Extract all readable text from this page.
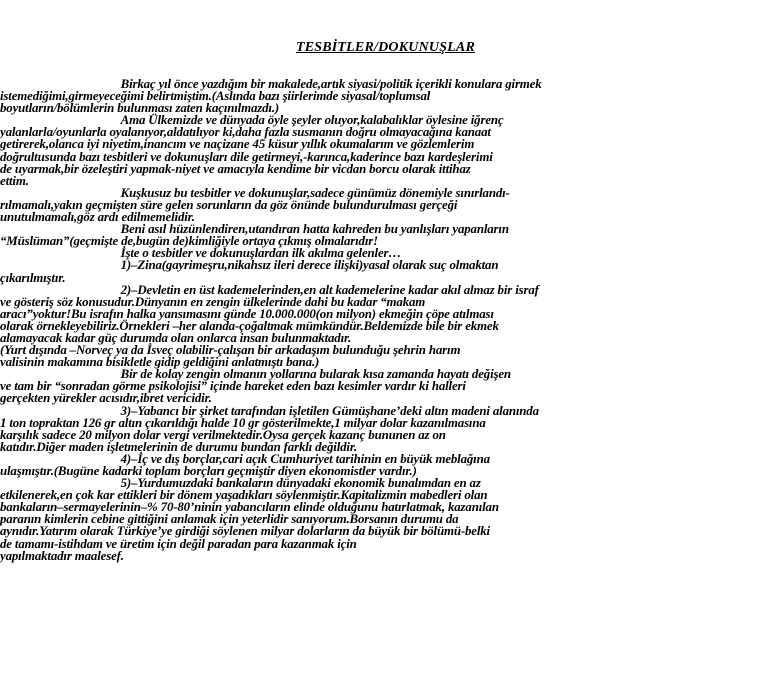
TESBİTLER/DOKUNUŞLAR
Birkaç yıl önce yazdığım bir makalede,artık siyasi/politik içerikli konulara girmek
istemediğimi,girmeyeceğimi belirtmiştim.(Aslında bazı şiirlerimde siyasal/toplumsal
boyutların/bölümlerin bulunması zaten kaçınılmazdı.)
Ama Ülkemizde ve dünyada öyle şeyler oluyor,kalabalıklar öylesine iğrenç
yalanlarla/oyunlarla oyalanıyor,aldatılıyor ki,daha fazla susmanın doğru olmayacağına kanaat
getirerek,olanca iyi niyetim,inancım ve naçizane 45 küsur yıllık okumalarım ve gözlemlerim
doğrultusunda bazı tesbitleri ve dokunuşları dile getirmeyi,-karınca,kaderince bazı kardeşlerimi
de uyarmak,bir özeleştiri yapmak-niyet ve amacıyla kendime bir vicdan borcu olarak ittihaz
ettim.
Kuşkusuz bu tesbitler ve dokunuşlar,sadece günümüz dönemiyle sınırlandı-
rılmamalı,yakın geçmişten süre gelen sorunların da göz önünde bulundurulması gerçeği
unutulmamalı,göz ardı edilmemelidir.
Beni asıl hüzünlendiren,utandıran hatta kahreden bu yanlışları yapanların
“Müslüman”(geçmişte de,bugün de)kimliğiyle ortaya çıkmış olmalarıdır!
İşte o tesbitler ve dokunuşlardan ilk akılma gelenler…
1)–Zina(gayrimeşru,nikahsız ileri derece ilişki)yasal olarak suç olmaktan
çıkarılmıştır.
2)–Devletin en üst kademelerinden,en alt kademelerine kadar akıl almaz bir israf
ve gösteriş söz konusudur.Dünyanın en zengin ülkelerinde dahi bu kadar “makam
aracı”yoktur!Bu israfın halka yansımasını günde 10.000.000(on milyon) ekmeğin çöpe atılması
olarak örnekleyebiliriz.Örnekleri –her alanda-çoğaltmak mümkündür.Beldemizde bile bir ekmek
alamayacak kadar güç durumda olan onlarca insan bulunmaktadır.
(Yurt dışında –Norveç ya da İsveç olabilir-çalışan bir arkadaşım bulunduğu şehrin harım
valisinin makamına bisikletle gidip geldiğini anlatmıştı bana.)
Bir de kolay zengin olmanın yollarına bularak kısa zamanda hayatı değişen
ve tam bir “sonradan görme psikolojisi” içinde hareket eden bazı kesimler vardır ki halleri
gerçekten yürekler acısıdır,ibret vericidir.
3)–Yabancı bir şirket tarafından işletilen Gümüşhane’deki altın madeni alanında
1 ton topraktan 126 gr altın çıkarıldığı halde 10 gr gösterilmekte,1 milyar dolar kazanılmasına
karşılık sadece 20 milyon dolar vergi verilmektedir.Oysa gerçek kazanç bununen az on
katıdır.Diğer maden işletmelerinin de durumu bundan farklı değildir.
4)–İç ve dış borçlar,cari açık Cumhuriyet tarihinin en büyük meblağına
ulaşmıştır.(Bugüne kadarki toplam borçları geçmiştir diyen ekonomistler vardır.)
5)–Yurdumuzdaki bankaların dünyadaki ekonomik bunalımdan en az
etkilenerek,en çok kar ettikleri bir dönem yaşadıkları söylenmiştir.Kapitalizmin mabedleri olan
bankaların–sermayelerinin–% 70-80’ninin yabancıların elinde olduğunu hatırlatmak, kazanılan
paranın kimlerin cebine gittiğini anlamak için yeterlidir sanıyorum.Borsanın durumu da
aynıdır.Yatırım olarak Türkiye’ye girdiği söylenen milyar dolarların da büyük bir bölümü-belki
de tamamı-istihdam ve üretim için değil paradan para kazanmak için
yapılmaktadır maalesef.
